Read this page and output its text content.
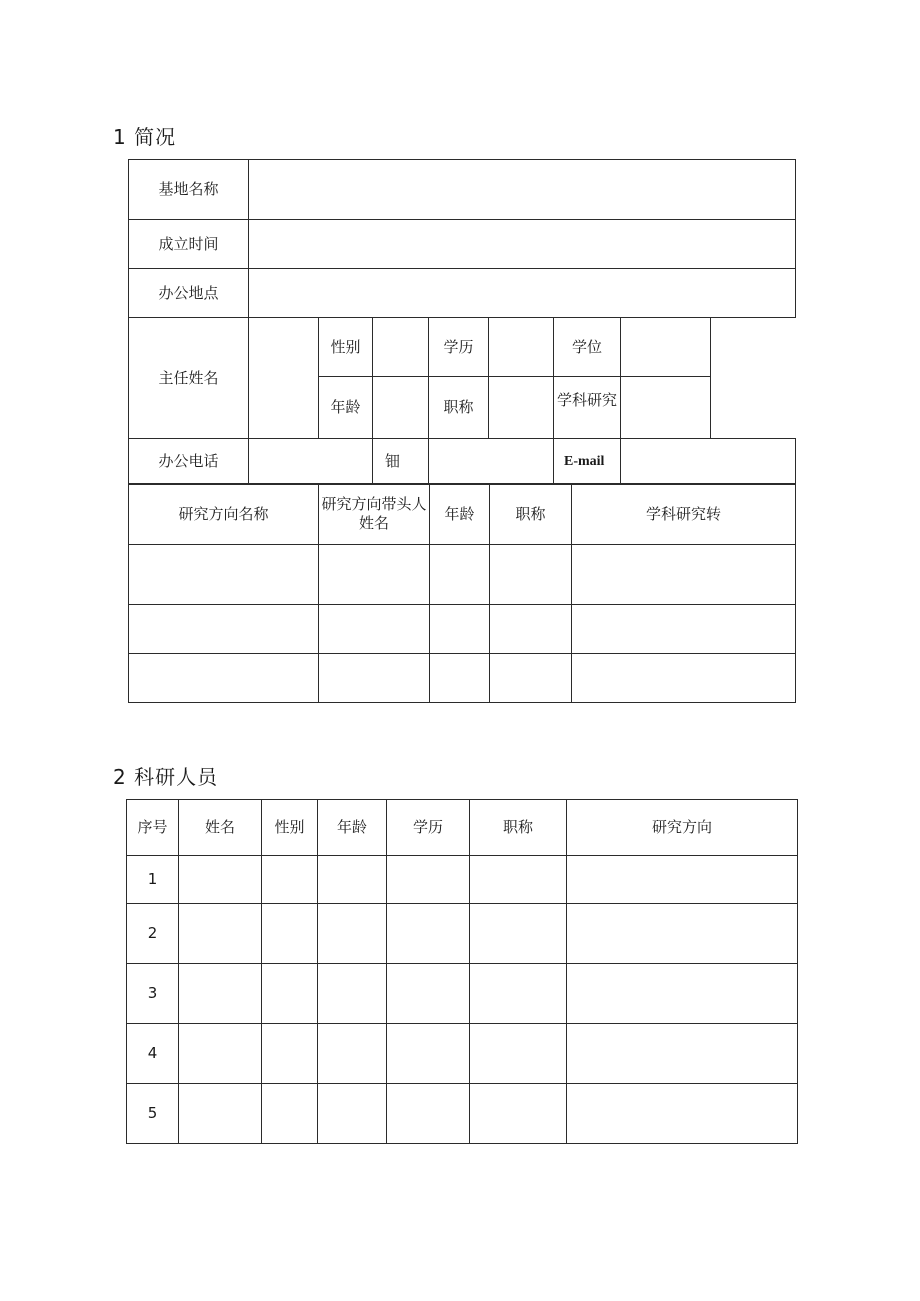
1 简况
基地名称							
成立时间							
办公地点							
主任姓名		性别		学历		学位	
		年龄		职称		学科研究	
办公电话			钿			E-mail	
研究方向名称	研究方向带头人姓名	年龄	职称	学科研究转

2 科研人员
序号	姓名	性别	年龄	学历	职称	研究方向
1						
2						
3						
4						
5						
